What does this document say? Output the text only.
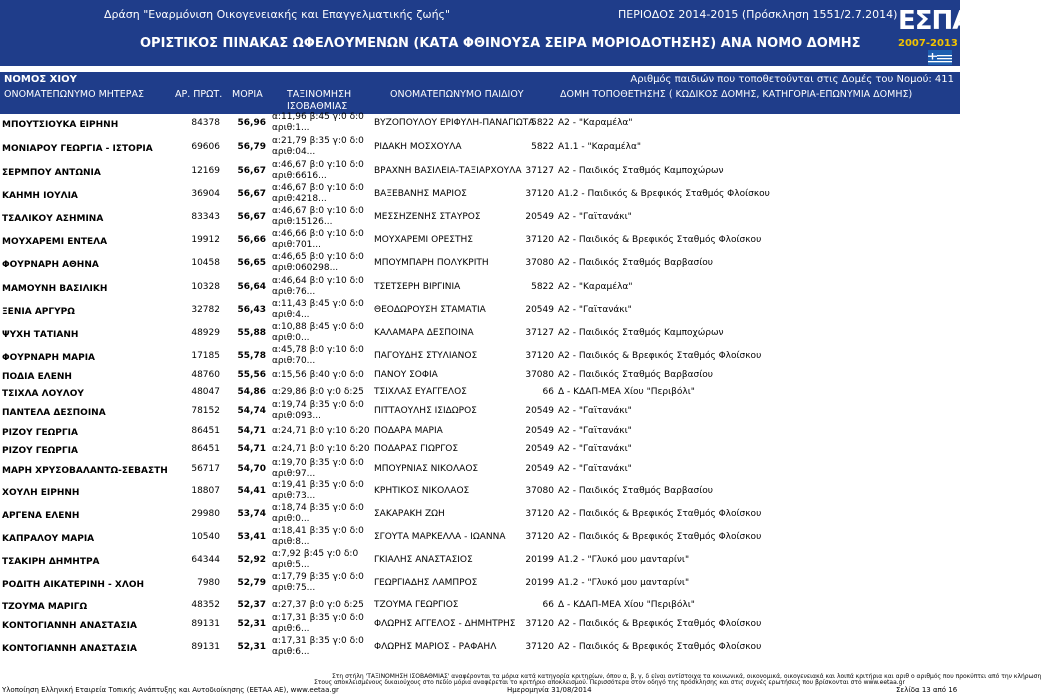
Δράση "Εναρμόνιση Οικογενειακής και Επαγγελματικής ζωής"	ΠΕΡΙΟΔΟΣ 2014-2015 (Πρόσκληση 1551/2.7.2014)
ΟΡΙΣΤΙΚΟΣ ΠΙΝΑΚΑΣ ΩΦΕΛΟΥΜΕΝΩΝ (ΚΑΤΑ ΦΘΙΝΟΥΣΑ ΣΕΙΡΑ ΜΟΡΙΟΔΟΤΗΣΗΣ) ΑΝΑ ΝΟΜΟ ΔΟΜΗΣ
ΕΣΠΑ
2007-2013
ΝΟΜΟΣ ΧΙΟΥ	Αριθμός παιδιών που τοποθετούνται στις Δομές του Νομού: 411
ΟΝΟΜΑΤΕΠΩΝΥΜΟ ΜΗΤΕΡΑΣ	ΑΡ. ΠΡΩΤ. ΜΟΡΙΑ	ΤΑΞΙΝΟΜΗΣΗ
ΙΣΟΒΑΘΜΙΑΣ
ΟΝΟΜΑΤΕΠΩΝΥΜΟ ΠΑΙΔΙΟΥ	ΔΟΜΗ ΤΟΠΟΘΕΤΗΣΗΣ ( ΚΩΔΙΚΟΣ ΔΟΜΗΣ, ΚΑΤΗΓΟΡΙΑ-ΕΠΩΝΥΜΙΑ ΔΟΜΗΣ)
ΜΠΟΥΤΣΙΟΥΚΑ ΕΙΡΗΝΗ	84378 56,96
α:11,96 β:45 γ:0 δ:0
αριθ:1...	ΒΥΖΟΠΟΥΛΟΥ ΕΡΙΦΥΛΗ-ΠΑΝΑΓΙΩΤΑ
5822 Α2 - "Καραμέλα"
ΜΟΝΙΑΡΟΥ ΓΕΩΡΓΙΑ - ΙΣΤΟΡΙΑ	69606 56,79
α:21,79 β:35 γ:0 δ:0
αριθ:04...	ΡΙΔΑΚΗ ΜΟΣΧΟΥΛΑ	5822 Α1.1 - "Καραμέλα"
ΣΕΡΜΠΟΥ ΑΝΤΩΝΙΑ	12169 56,67
α:46,67 β:0 γ:10 δ:0
αριθ:6616...	ΒΡΑΧΝΗ ΒΑΣΙΛΕΙΑ-ΤΑΞΙΑΡΧΟΥΛΑ 37127 Α2 - Παιδικός Σταθμός Καμποχώρων
ΚΑΗΜΗ ΙΟΥΛΙΑ	36904 56,67
α:46,67 β:0 γ:10 δ:0
αριθ:4218...	ΒΑΞΕΒΑΝΗΣ ΜΑΡΙΟΣ	37120 Α1.2 - Παιδικός & Βρεφικός Σταθμός Φλοίσκου
ΤΣΑΛΙΚΟΥ ΑΣΗΜΙΝΑ	83343 56,67
α:46,67 β:0 γ:10 δ:0
αριθ:15126...	ΜΕΣΣΗΖΕΝΗΣ ΣΤΑΥΡΟΣ	20549 Α2 - "Γαϊτανάκι"
ΜΟΥΧΑΡΕΜΙ ΕΝΤΕΛΑ	19912 56,66
α:46,66 β:0 γ:10 δ:0
αριθ:701...	ΜΟΥΧΑΡΕΜΙ ΟΡΕΣΤΗΣ	37120 Α2 - Παιδικός & Βρεφικός Σταθμός Φλοίσκου
ΦΟΥΡΝΑΡΗ ΑΘΗΝΑ	10458 56,65
α:46,65 β:0 γ:10 δ:0
αριθ:060298...	ΜΠΟΥΜΠΑΡΗ ΠΟΛΥΚΡΙΤΗ	37080 Α2 - Παιδικός Σταθμός Βαρβασίου
ΜΑΜΟΥΝΗ ΒΑΣΙΛΙΚΗ	10328 56,64
α:46,64 β:0 γ:10 δ:0
αριθ:76...	ΤΣΕΤΣΕΡΗ ΒΙΡΓΙΝΙΑ	5822 Α2 - "Καραμέλα"
ΞΕΝΙΑ ΑΡΓΥΡΩ	32782 56,43
α:11,43 β:45 γ:0 δ:0
αριθ:4...	ΘΕΟΔΩΡΟΥΣΗ ΣΤΑΜΑΤΙΑ	20549 Α2 - "Γαϊτανάκι"
ΨΥΧΗ ΤΑΤΙΑΝΗ	48929 55,88
α:10,88 β:45 γ:0 δ:0
αριθ:0...	ΚΑΛΑΜΑΡΑ ΔΕΣΠΟΙΝΑ	37127 Α2 - Παιδικός Σταθμός Καμποχώρων
ΦΟΥΡΝΑΡΗ ΜΑΡΙΑ	17185 55,78
α:45,78 β:0 γ:10 δ:0
αριθ:70...	ΠΑΓΟΥΔΗΣ ΣΤΥΛΙΑΝΟΣ	37120 Α2 - Παιδικός & Βρεφικός Σταθμός Φλοίσκου
ΠΟΔΙΑ ΕΛΕΝΗ	48760 55,56 α:15,56 β:40 γ:0 δ:0 ΠΑΝΟΥ ΣΟΦΙΑ	37080 Α2 - Παιδικός Σταθμός Βαρβασίου
ΤΣΙΧΛΑ ΛΟΥΛΟΥ	48047 54,86 α:29,86 β:0 γ:0 δ:25 ΤΣΙΧΛΑΣ ΕΥΑΓΓΕΛΟΣ	66 Δ - ΚΔΑΠ-ΜΕΑ Χίου "Περιβόλι"
ΠΑΝΤΕΛΑ ΔΕΣΠΟΙΝΑ	78152 54,74
α:19,74 β:35 γ:0 δ:0
αριθ:093...	ΠΙΤΤΑΟΥΛΗΣ ΙΣΙΔΩΡΟΣ	20549 Α2 - "Γαϊτανάκι"
ΡΙΖΟΥ ΓΕΩΡΓΙΑ	86451 54,71 α:24,71 β:0 γ:10 δ:20 ΠΟΔΑΡΑ ΜΑΡΙΑ	20549 Α2 - "Γαϊτανάκι"
ΡΙΖΟΥ ΓΕΩΡΓΙΑ	86451 54,71 α:24,71 β:0 γ:10 δ:20 ΠΟΔΑΡΑΣ ΓΙΩΡΓΟΣ	20549 Α2 - "Γαϊτανάκι"
ΜΑΡΗ ΧΡΥΣΟΒΑΛΑΝΤΩ-ΣΕΒΑΣΤΗ	56717 54,70
α:19,70 β:35 γ:0 δ:0
αριθ:97...	ΜΠΟΥΡΝΙΑΣ ΝΙΚΟΛΑΟΣ	20549 Α2 - "Γαϊτανάκι"
ΧΟΥΛΗ ΕΙΡΗΝΗ	18807 54,41
α:19,41 β:35 γ:0 δ:0
αριθ:73...	ΚΡΗΤΙΚΟΣ ΝΙΚΟΛΑΟΣ	37080 Α2 - Παιδικός Σταθμός Βαρβασίου
ΑΡΓΕΝΑ ΕΛΕΝΗ	29980 53,74
α:18,74 β:35 γ:0 δ:0
αριθ:0...	ΣΑΚΑΡΑΚΗ ΖΩΗ	37120 Α2 - Παιδικός & Βρεφικός Σταθμός Φλοίσκου
ΚΑΠΡΑΛΟΥ ΜΑΡΙΑ	10540 53,41
α:18,41 β:35 γ:0 δ:0
αριθ:8...	ΣΓΟΥΤΑ ΜΑΡΚΕΛΛΑ - ΙΩΑΝΝΑ 37120 Α2 - Παιδικός & Βρεφικός Σταθμός Φλοίσκου
ΤΣΑΚΙΡΗ ΔΗΜΗΤΡΑ	64344 52,92
α:7,92 β:45 γ:0 δ:0
αριθ:5...	ΓΚΙΑΛΗΣ ΑΝΑΣΤΑΣΙΟΣ	20199 Α1.2 - "Γλυκό μου μανταρίνι"
ΡΟΔΙΤΗ ΑΙΚΑΤΕΡΙΝΗ - ΧΛΟΗ	7980 52,79
α:17,79 β:35 γ:0 δ:0
αριθ:75...	ΓΕΩΡΓΙΑΔΗΣ ΛΑΜΠΡΟΣ	20199 Α1.2 - "Γλυκό μου μανταρίνι"
ΤΖΟΥΜΑ ΜΑΡΙΓΩ	48352 52,37 α:27,37 β:0 γ:0 δ:25 ΤΖΟΥΜΑ ΓΕΩΡΓΙΟΣ	66 Δ - ΚΔΑΠ-ΜΕΑ Χίου "Περιβόλι"
ΚΟΝΤΟΓΙΑΝΝΗ ΑΝΑΣΤΑΣΙΑ	89131 52,31
α:17,31 β:35 γ:0 δ:0
αριθ:6...	ΦΛΩΡΗΣ ΑΓΓΕΛΟΣ - ΔΗΜΗΤΡΗΣ 37120 Α2 - Παιδικός & Βρεφικός Σταθμός Φλοίσκου
ΚΟΝΤΟΓΙΑΝΝΗ ΑΝΑΣΤΑΣΙΑ	89131 52,31
α:17,31 β:35 γ:0 δ:0
αριθ:6...	ΦΛΩΡΗΣ ΜΑΡΙΟΣ - ΡΑΦΑΗΛ	37120 Α2 - Παιδικός & Βρεφικός Σταθμός Φλοίσκου
Στη στήλη 'ΤΑΞΙΝΟΜΗΣΗ ΙΣΟΒΑΘΜΙΑΣ' αναφέρονται τα μόρια κατά κατηγορία κριτηρίων, όπου α, β, γ, δ είναι αντίστοιχα τα κοινωνικά, οικονομικά, οικογενειακά και λοιπά κριτήρια και αριθ ο αριθμός που προκύπτει από την κλήρωση
Στους αποκλεισμένους δικαιούχους στο πεδίο μόρια αναφέρεται το κριτήριο αποκλεισμού. Περισσότερα στον οδηγό της πρόσκλησης και στις συχνές ερωτήσεις που βρίσκονται στο www.eetaa.gr
Υλοποίηση Ελληνική Εταιρεία Τοπικής Ανάπτυξης και Αυτοδιοίκησης (ΕΕΤΑΑ ΑΕ), www.eetaa.gr	Ημερομηνία 31/08/2014	Σελίδα 13 από 16
